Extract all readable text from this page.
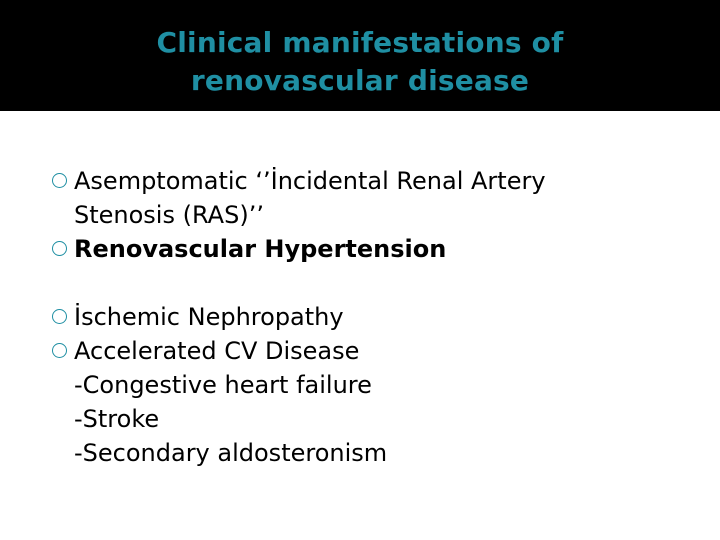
Clinical manifestations of
renovascular disease
Asemptomatic ‘’İncidental Renal Artery
Stenosis (RAS)’’
Renovascular Hypertension
İschemic Nephropathy
Accelerated CV Disease
-Congestive heart failure
-Stroke
-Secondary aldosteronism
